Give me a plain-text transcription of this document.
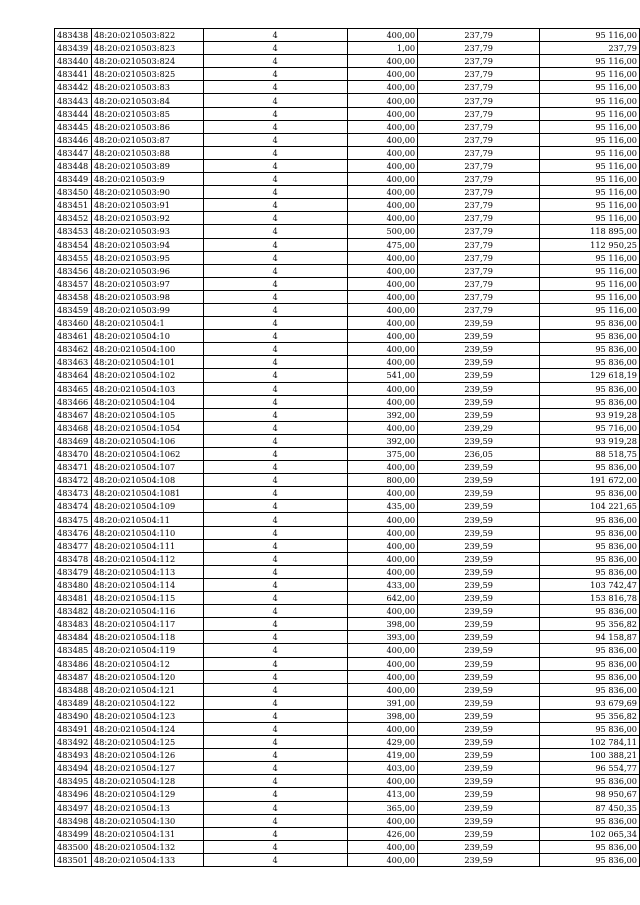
483438	48:20:0210503:822	4	400,00	237,79	95 116,00
483439	48:20:0210503:823	4	1,00	237,79	237,79
483440	48:20:0210503:824	4	400,00	237,79	95 116,00
483441	48:20:0210503:825	4	400,00	237,79	95 116,00
483442	48:20:0210503:83	4	400,00	237,79	95 116,00
483443	48:20:0210503:84	4	400,00	237,79	95 116,00
483444	48:20:0210503:85	4	400,00	237,79	95 116,00
483445	48:20:0210503:86	4	400,00	237,79	95 116,00
483446	48:20:0210503:87	4	400,00	237,79	95 116,00
483447	48:20:0210503:88	4	400,00	237,79	95 116,00
483448	48:20:0210503:89	4	400,00	237,79	95 116,00
483449	48:20:0210503:9	4	400,00	237,79	95 116,00
483450	48:20:0210503:90	4	400,00	237,79	95 116,00
483451	48:20:0210503:91	4	400,00	237,79	95 116,00
483452	48:20:0210503:92	4	400,00	237,79	95 116,00
483453	48:20:0210503:93	4	500,00	237,79	118 895,00
483454	48:20:0210503:94	4	475,00	237,79	112 950,25
483455	48:20:0210503:95	4	400,00	237,79	95 116,00
483456	48:20:0210503:96	4	400,00	237,79	95 116,00
483457	48:20:0210503:97	4	400,00	237,79	95 116,00
483458	48:20:0210503:98	4	400,00	237,79	95 116,00
483459	48:20:0210503:99	4	400,00	237,79	95 116,00
483460	48:20:0210504:1	4	400,00	239,59	95 836,00
483461	48:20:0210504:10	4	400,00	239,59	95 836,00
483462	48:20:0210504:100	4	400,00	239,59	95 836,00
483463	48:20:0210504:101	4	400,00	239,59	95 836,00
483464	48:20:0210504:102	4	541,00	239,59	129 618,19
483465	48:20:0210504:103	4	400,00	239,59	95 836,00
483466	48:20:0210504:104	4	400,00	239,59	95 836,00
483467	48:20:0210504:105	4	392,00	239,59	93 919,28
483468	48:20:0210504:1054	4	400,00	239,29	95 716,00
483469	48:20:0210504:106	4	392,00	239,59	93 919,28
483470	48:20:0210504:1062	4	375,00	236,05	88 518,75
483471	48:20:0210504:107	4	400,00	239,59	95 836,00
483472	48:20:0210504:108	4	800,00	239,59	191 672,00
483473	48:20:0210504:1081	4	400,00	239,59	95 836,00
483474	48:20:0210504:109	4	435,00	239,59	104 221,65
483475	48:20:0210504:11	4	400,00	239,59	95 836,00
483476	48:20:0210504:110	4	400,00	239,59	95 836,00
483477	48:20:0210504:111	4	400,00	239,59	95 836,00
483478	48:20:0210504:112	4	400,00	239,59	95 836,00
483479	48:20:0210504:113	4	400,00	239,59	95 836,00
483480	48:20:0210504:114	4	433,00	239,59	103 742,47
483481	48:20:0210504:115	4	642,00	239,59	153 816,78
483482	48:20:0210504:116	4	400,00	239,59	95 836,00
483483	48:20:0210504:117	4	398,00	239,59	95 356,82
483484	48:20:0210504:118	4	393,00	239,59	94 158,87
483485	48:20:0210504:119	4	400,00	239,59	95 836,00
483486	48:20:0210504:12	4	400,00	239,59	95 836,00
483487	48:20:0210504:120	4	400,00	239,59	95 836,00
483488	48:20:0210504:121	4	400,00	239,59	95 836,00
483489	48:20:0210504:122	4	391,00	239,59	93 679,69
483490	48:20:0210504:123	4	398,00	239,59	95 356,82
483491	48:20:0210504:124	4	400,00	239,59	95 836,00
483492	48:20:0210504:125	4	429,00	239,59	102 784,11
483493	48:20:0210504:126	4	419,00	239,59	100 388,21
483494	48:20:0210504:127	4	403,00	239,59	96 554,77
483495	48:20:0210504:128	4	400,00	239,59	95 836,00
483496	48:20:0210504:129	4	413,00	239,59	98 950,67
483497	48:20:0210504:13	4	365,00	239,59	87 450,35
483498	48:20:0210504:130	4	400,00	239,59	95 836,00
483499	48:20:0210504:131	4	426,00	239,59	102 065,34
483500	48:20:0210504:132	4	400,00	239,59	95 836,00
483501	48:20:0210504:133	4	400,00	239,59	95 836,00
